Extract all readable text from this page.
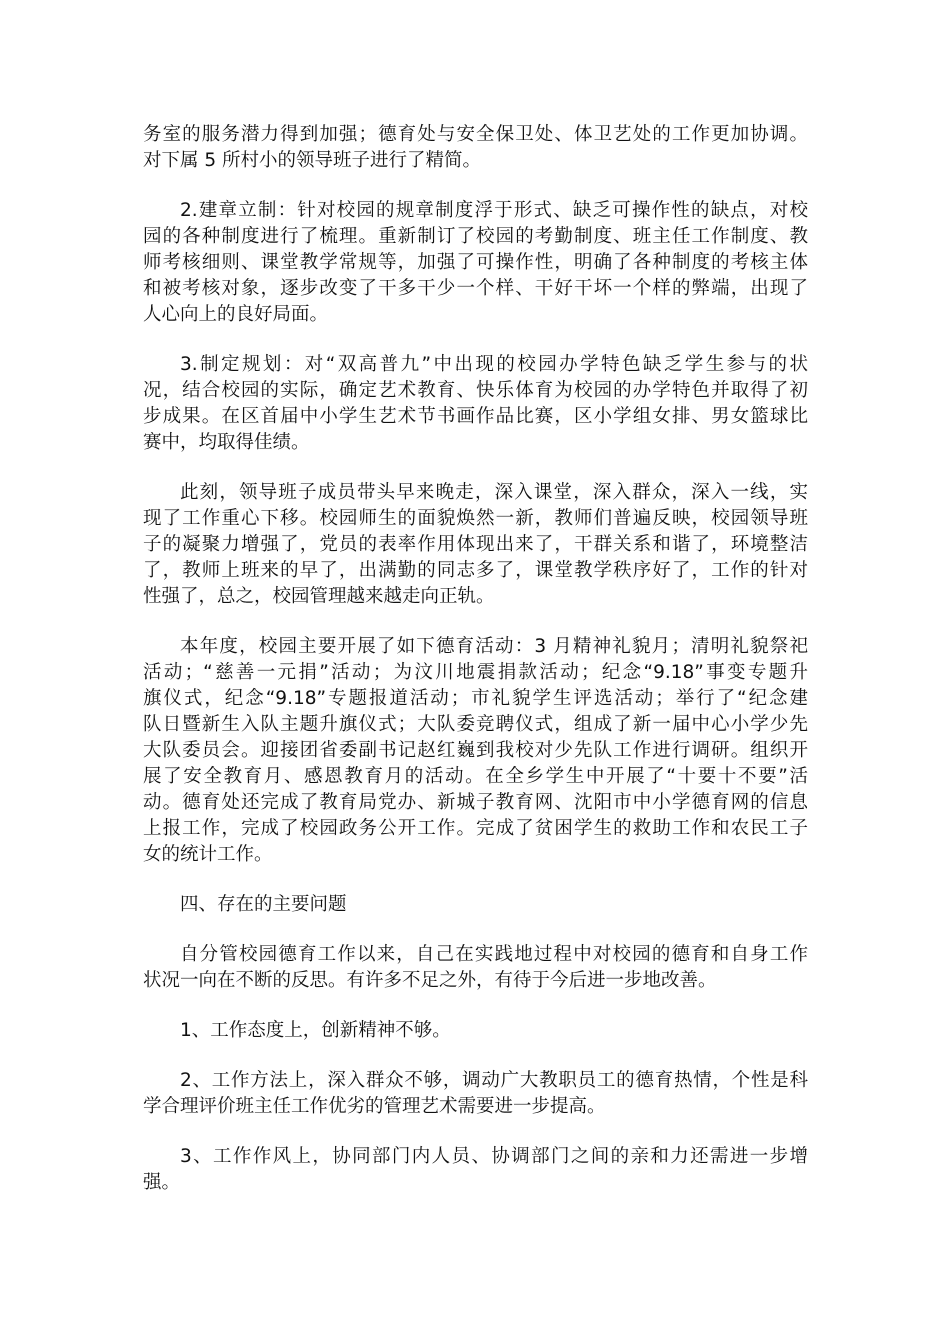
务室的服务潜力得到加强；德育处与安全保卫处、体卫艺处的工作更加协调。
对下属 5 所村小的领导班子进行了精简。
2.建章立制：针对校园的规章制度浮于形式、缺乏可操作性的缺点，对校
园的各种制度进行了梳理。重新制订了校园的考勤制度、班主任工作制度、教
师考核细则、课堂教学常规等，加强了可操作性，明确了各种制度的考核主体
和被考核对象，逐步改变了干多干少一个样、干好干坏一个样的弊端，出现了
人心向上的良好局面。
3.制定规划：对“双高普九”中出现的校园办学特色缺乏学生参与的状
况，结合校园的实际，确定艺术教育、快乐体育为校园的办学特色并取得了初
步成果。在区首届中小学生艺术节书画作品比赛，区小学组女排、男女篮球比
赛中，均取得佳绩。
此刻，领导班子成员带头早来晚走，深入课堂，深入群众，深入一线，实
现了工作重心下移。校园师生的面貌焕然一新，教师们普遍反映，校园领导班
子的凝聚力增强了，党员的表率作用体现出来了，干群关系和谐了，环境整洁
了，教师上班来的早了，出满勤的同志多了，课堂教学秩序好了，工作的针对
性强了，总之，校园管理越来越走向正轨。
本年度，校园主要开展了如下德育活动：3 月精神礼貌月；清明礼貌祭祀
活动；“慈善一元捐”活动；为汶川地震捐款活动；纪念“9.18”事变专题升
旗仪式，纪念“9.18”专题报道活动；市礼貌学生评选活动；举行了“纪念建
队日暨新生入队主题升旗仪式；大队委竞聘仪式，组成了新一届中心小学少先
大队委员会。迎接团省委副书记赵红巍到我校对少先队工作进行调研。组织开
展了安全教育月、感恩教育月的活动。在全乡学生中开展了“十要十不要”活
动。德育处还完成了教育局党办、新城子教育网、沈阳市中小学德育网的信息
上报工作，完成了校园政务公开工作。完成了贫困学生的救助工作和农民工子
女的统计工作。
四、存在的主要问题
自分管校园德育工作以来，自己在实践地过程中对校园的德育和自身工作
状况一向在不断的反思。有许多不足之外，有待于今后进一步地改善。
1、工作态度上，创新精神不够。
2、工作方法上，深入群众不够，调动广大教职员工的德育热情，个性是科
学合理评价班主任工作优劣的管理艺术需要进一步提高。
3、工作作风上，协同部门内人员、协调部门之间的亲和力还需进一步增
强。
